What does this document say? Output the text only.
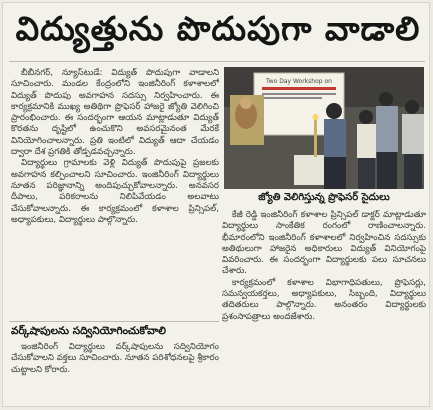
విద్యుత్తును పొదుపుగా వాడాలి

బీబీనగర్, న్యూస్‌టుడే: విద్యుత్ పొదుపుగా వాడాలని సూచించారు. మండల కేంద్రంలోని ఇంజినీరింగ్ కళాశాలలో విద్యుత్ పొదుపు అవగాహన సదస్సు నిర్వహించారు. ఈ కార్యక్రమానికి ముఖ్య అతిథిగా ప్రొఫెసర్ హాజరై జ్యోతి వెలిగించి ప్రారంభించారు. ఈ సందర్భంగా ఆయన మాట్లాడుతూ విద్యుత్ కొరతను దృష్టిలో ఉంచుకొని అవసరమైనంత మేరకే వినియోగించాలన్నారు. ప్రతి ఇంటిలో విద్యుత్ ఆదా చేయడం ద్వారా దేశ ప్రగతికి తోడ్పడవచ్చన్నారు.

విద్యార్థులు గ్రామాలకు వెళ్లి విద్యుత్ పొదుపుపై ప్రజలకు అవగాహన కల్పించాలని సూచించారు. ఇంజినీరింగ్ విద్యార్థులు నూతన పరిజ్ఞానాన్ని అందిపుచ్చుకోవాలన్నారు. అనవసర దీపాలు, పరికరాలను నిలిపివేయడం అలవాటు చేసుకోవాలన్నారు. ఈ కార్యక్రమంలో కళాశాల ప్రిన్సిపల్, అధ్యాపకులు, విద్యార్థులు పాల్గొన్నారు.

Two Day Workshop on
జ్యోతి వెలిగిస్తున్న ప్రొఫెసర్ సైదులు

కేజీ రెడ్డి ఇంజినీరింగ్ కళాశాల ప్రిన్సిపల్ డాక్టర్ మాట్లాడుతూ విద్యార్థులు సాంకేతిక రంగంలో రాణించాలన్నారు. భీమారంలోని ఇంజినీరింగ్ కళాశాలలో నిర్వహించిన సదస్సుకు అతిథులుగా హాజరైన అధికారులు విద్యుత్ వినియోగంపై వివరించారు. ఈ సందర్భంగా విద్యార్థులకు పలు సూచనలు చేశారు.

కార్యక్రమంలో కళాశాల విభాగాధిపతులు, ప్రొఫెసర్లు, సమన్వయకర్తలు, అధ్యాపకులు, సిబ్బంది, విద్యార్థులు తదితరులు పాల్గొన్నారు. అనంతరం విద్యార్థులకు ప్రశంసాపత్రాలు అందజేశారు.

వర్క్‌షాపులను సద్వినియోగించుకోవాలి

ఇంజినీరింగ్ విద్యార్థులు వర్క్‌షాపులను సద్వినియోగం చేసుకోవాలని వక్తలు సూచించారు. నూతన పరిశోధనలపై శ్రీకారం చుట్టాలని కోరారు.
